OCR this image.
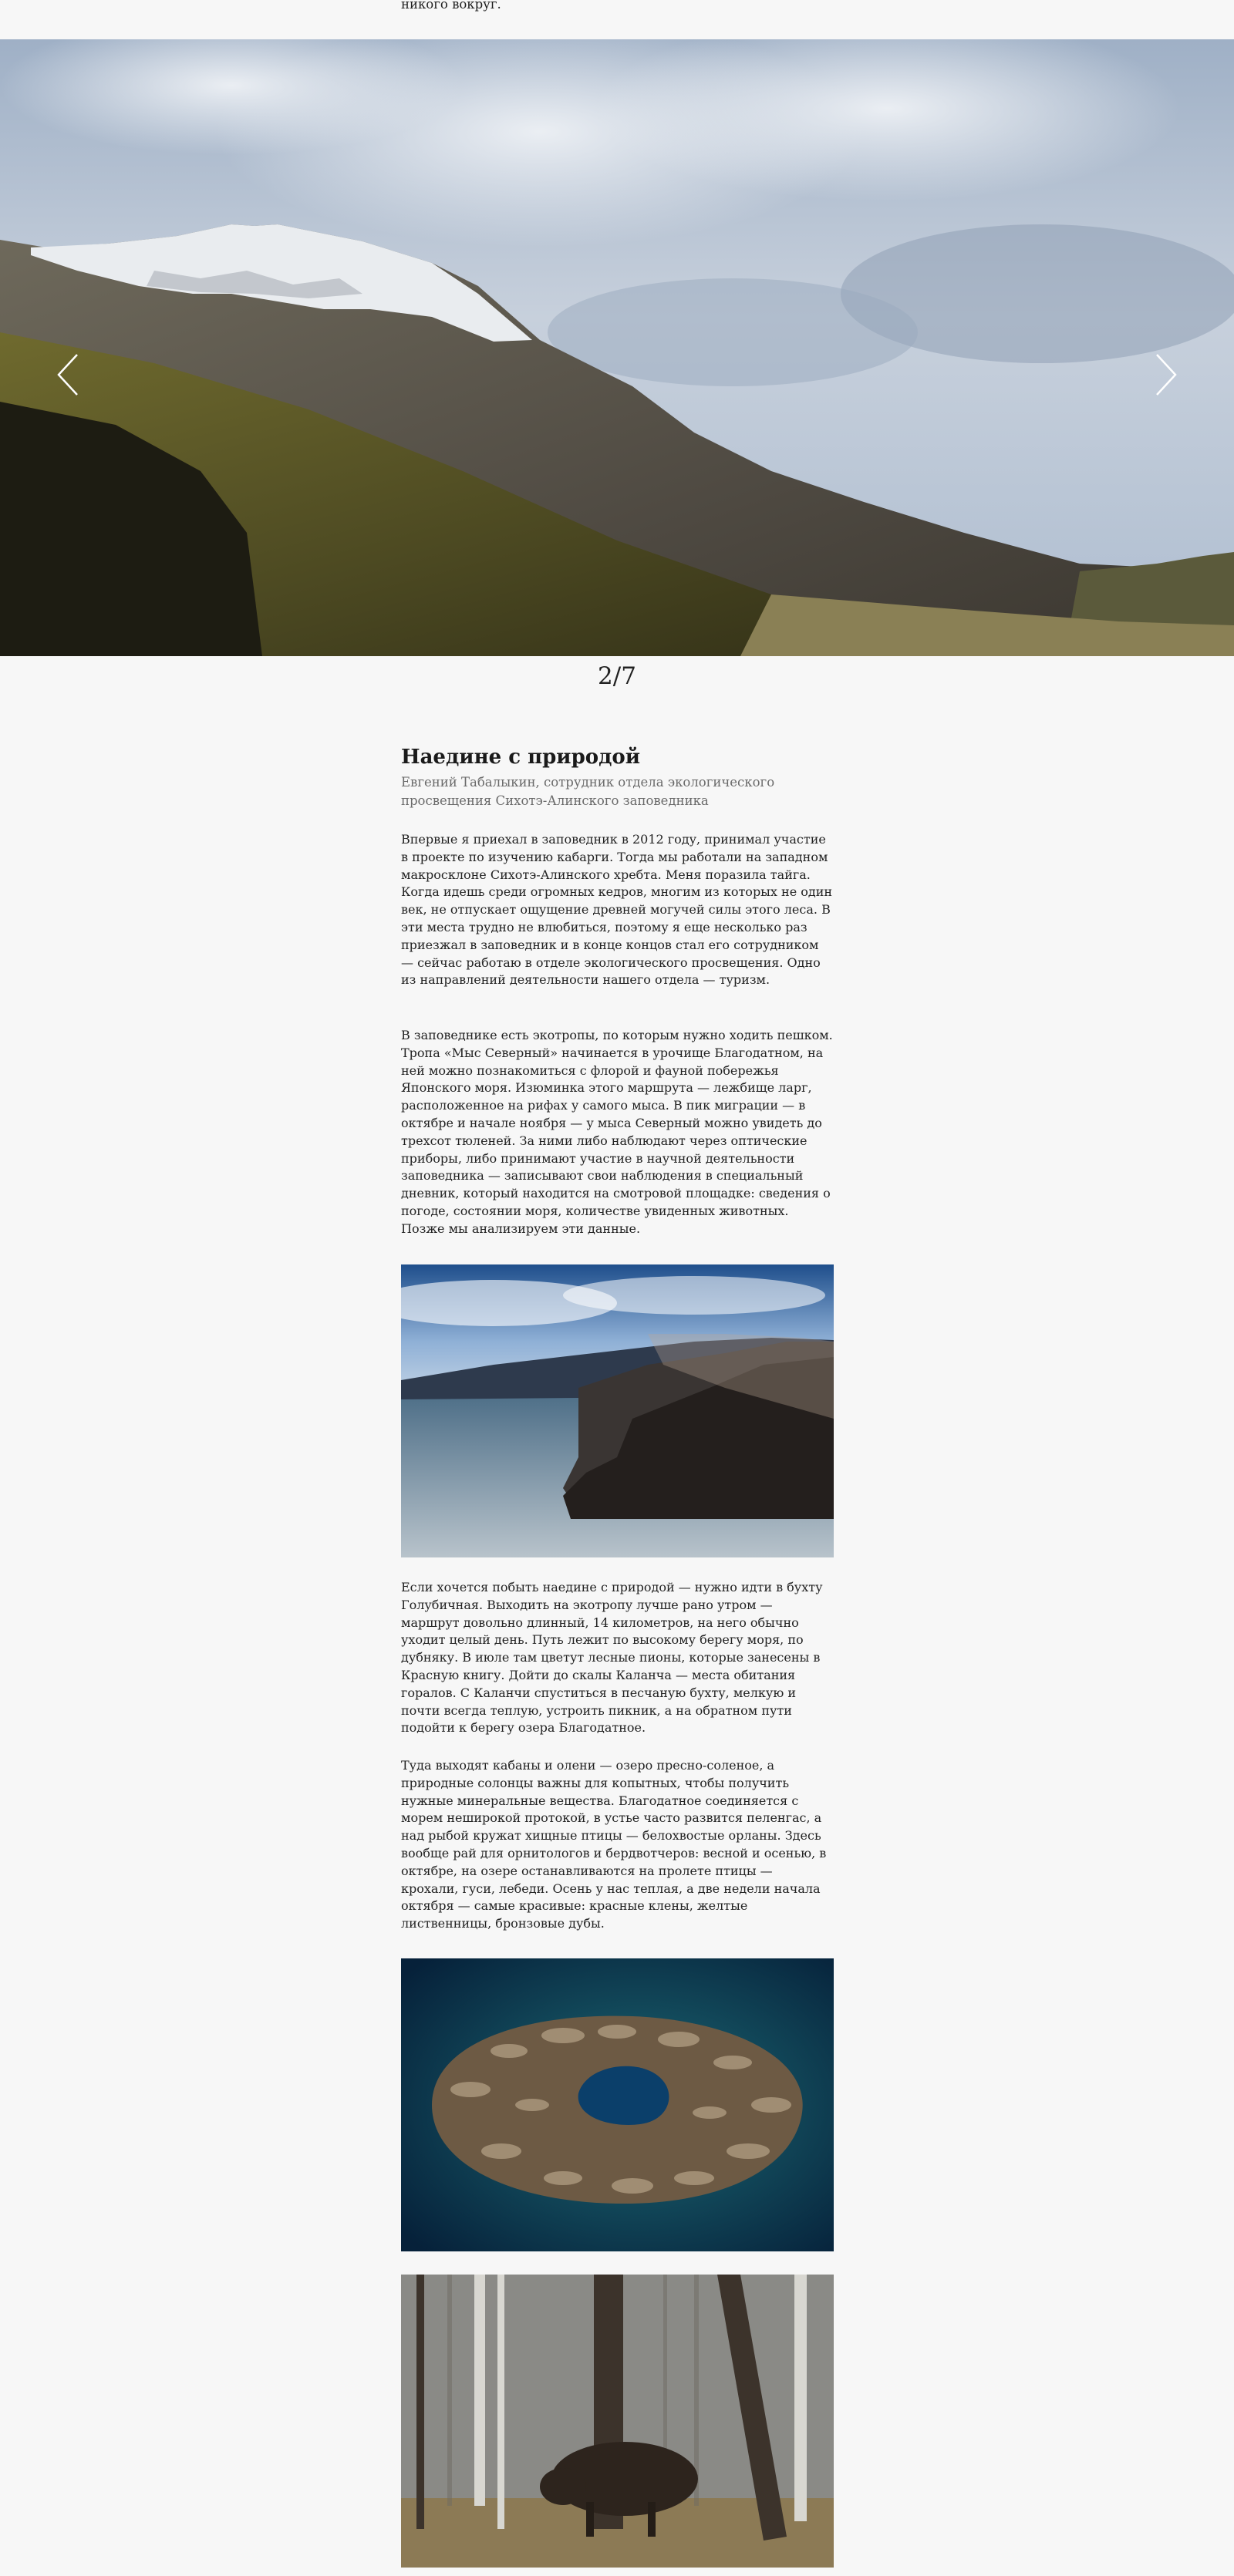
никого вокруг.

2/7
Наедине с природой

Евгений Табалыкин, сотрудник отдела экологического просвещения Сихотэ-Алинского заповедника

Впервые я приехал в заповедник в 2012 году, принимал участие в проекте по изучению кабарги. Тогда мы работали на западном макросклоне Сихотэ-Алинского хребта. Меня поразила тайга. Когда идешь среди огромных кедров, многим из которых не один век, не отпускает ощущение древней могучей силы этого леса. В эти места трудно не влюбиться, поэтому я еще несколько раз приезжал в заповедник и в конце концов стал его сотрудником — сейчас работаю в отделе экологического просвещения. Одно из направлений деятельности нашего отдела — туризм.

В заповеднике есть экотропы, по которым нужно ходить пешком. Тропа «Мыс Северный» начинается в урочище Благодатном, на ней можно познакомиться с флорой и фауной побережья Японского моря. Изюминка этого маршрута — лежбище ларг, расположенное на рифах у самого мыса. В пик миграции — в октябре и начале ноября — у мыса Северный можно увидеть до трехсот тюленей. За ними либо наблюдают через оптические приборы, либо принимают участие в научной деятельности заповедника — записывают свои наблюдения в специальный дневник, который находится на смотровой площадке: сведения о погоде, состоянии моря, количестве увиденных животных. Позже мы анализируем эти данные.

Если хочется побыть наедине с природой — нужно идти в бухту Голубичная. Выходить на экотропу лучше рано утром — маршрут довольно длинный, 14 километров, на него обычно уходит целый день. Путь лежит по высокому берегу моря, по дубняку. В июле там цветут лесные пионы, которые занесены в Красную книгу. Дойти до скалы Каланча — места обитания горалов. С Каланчи спуститься в песчаную бухту, мелкую и почти всегда теплую, устроить пикник, а на обратном пути подойти к берегу озера Благодатное.

Туда выходят кабаны и олени — озеро пресно-соленое, а природные солонцы важны для копытных, чтобы получить нужные минеральные вещества. Благодатное соединяется с морем неширокой протокой, в устье часто развится пеленгас, а над рыбой кружат хищные птицы — белохвостые орланы. Здесь вообще рай для орнитологов и бердвотчеров: весной и осенью, в октябре, на озере останавливаются на пролете птицы — крохали, гуси, лебеди. Осень у нас теплая, а две недели начала октября — самые красивые: красные клены, желтые лиственницы, бронзовые дубы.
